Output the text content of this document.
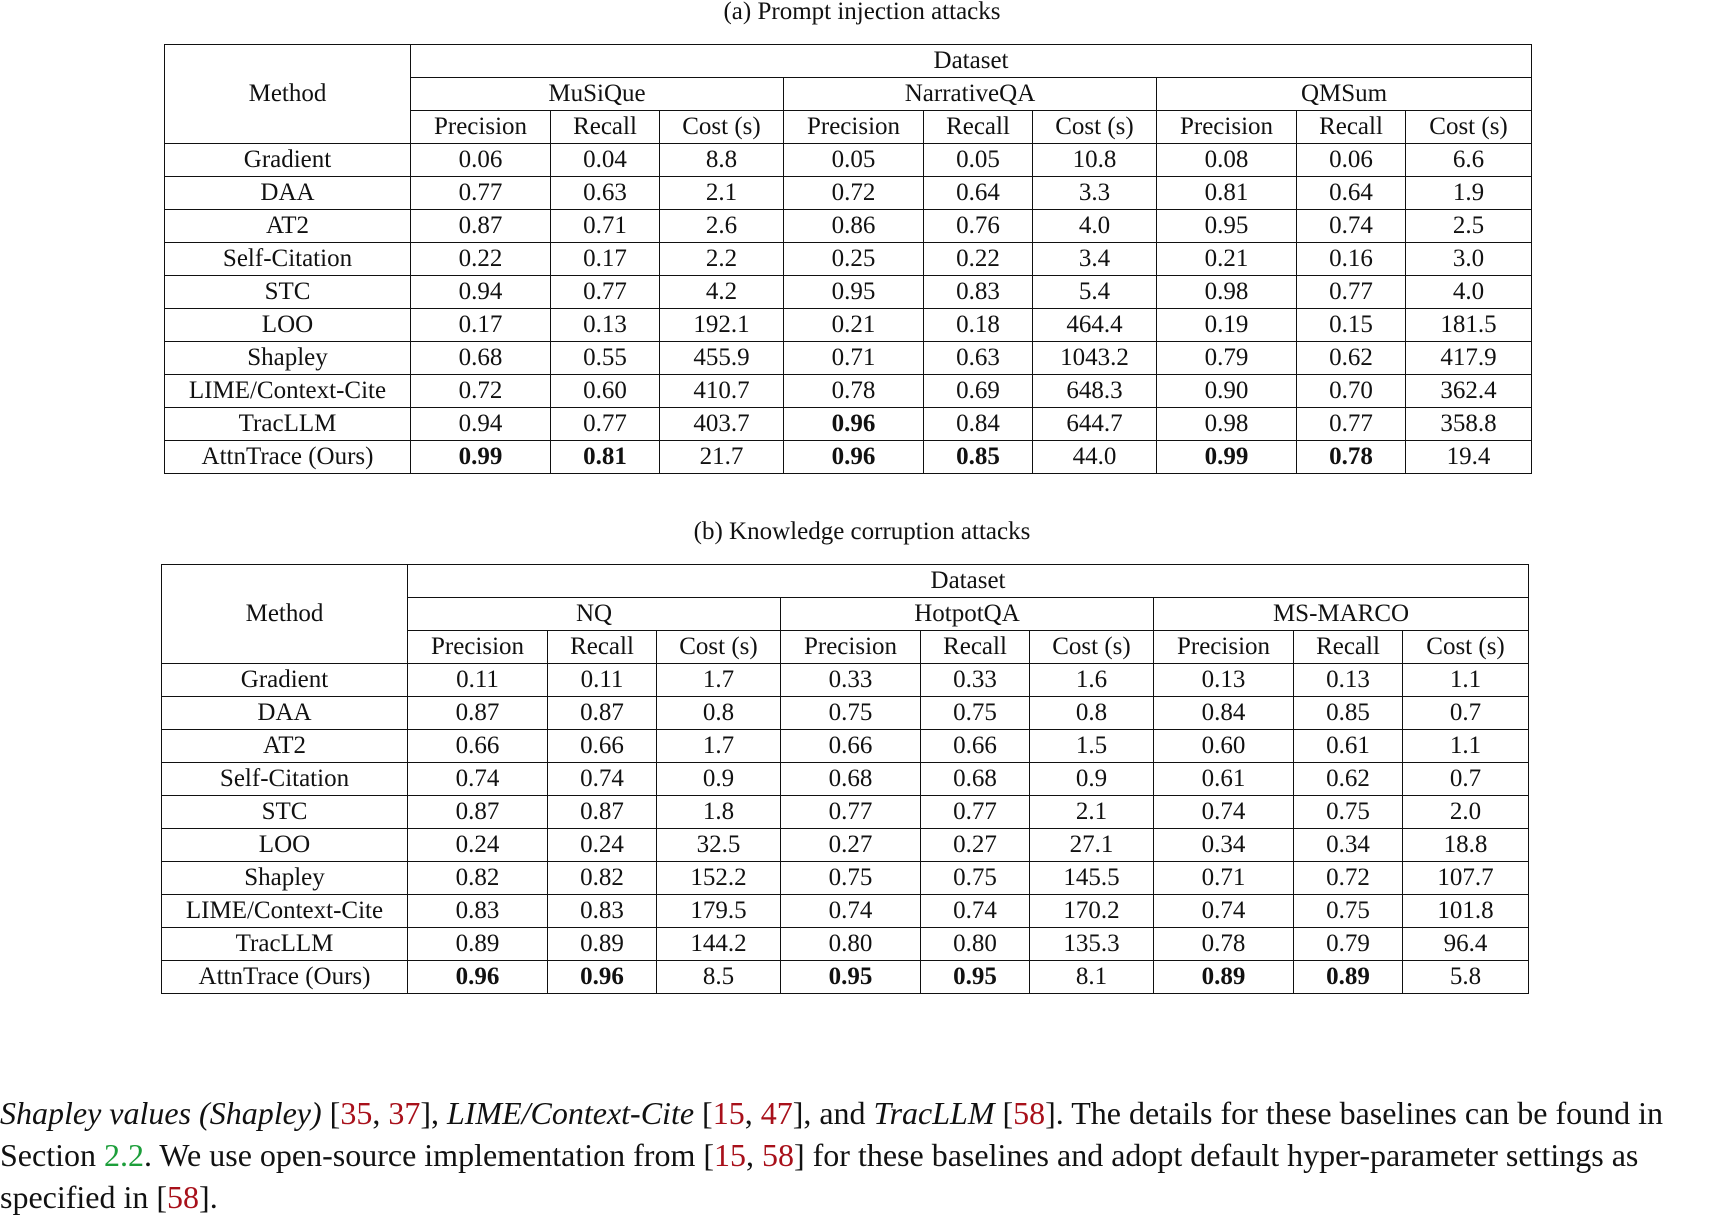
(a) Prompt injection attacks
Method	Dataset								
	MuSiQue			NarrativeQA			QMSum		
	Precision	Recall	Cost (s)	Precision	Recall	Cost (s)	Precision	Recall	Cost (s)
Gradient	0.06	0.04	8.8	0.05	0.05	10.8	0.08	0.06	6.6
DAA	0.77	0.63	2.1	0.72	0.64	3.3	0.81	0.64	1.9
AT2	0.87	0.71	2.6	0.86	0.76	4.0	0.95	0.74	2.5
Self-Citation	0.22	0.17	2.2	0.25	0.22	3.4	0.21	0.16	3.0
STC	0.94	0.77	4.2	0.95	0.83	5.4	0.98	0.77	4.0
LOO	0.17	0.13	192.1	0.21	0.18	464.4	0.19	0.15	181.5
Shapley	0.68	0.55	455.9	0.71	0.63	1043.2	0.79	0.62	417.9
LIME/Context-Cite	0.72	0.60	410.7	0.78	0.69	648.3	0.90	0.70	362.4
TracLLM	0.94	0.77	403.7	0.96	0.84	644.7	0.98	0.77	358.8
AttnTrace (Ours)	0.99	0.81	21.7	0.96	0.85	44.0	0.99	0.78	19.4
(b) Knowledge corruption attacks
Method	Dataset								
	NQ			HotpotQA			MS-MARCO		
	Precision	Recall	Cost (s)	Precision	Recall	Cost (s)	Precision	Recall	Cost (s)
Gradient	0.11	0.11	1.7	0.33	0.33	1.6	0.13	0.13	1.1
DAA	0.87	0.87	0.8	0.75	0.75	0.8	0.84	0.85	0.7
AT2	0.66	0.66	1.7	0.66	0.66	1.5	0.60	0.61	1.1
Self-Citation	0.74	0.74	0.9	0.68	0.68	0.9	0.61	0.62	0.7
STC	0.87	0.87	1.8	0.77	0.77	2.1	0.74	0.75	2.0
LOO	0.24	0.24	32.5	0.27	0.27	27.1	0.34	0.34	18.8
Shapley	0.82	0.82	152.2	0.75	0.75	145.5	0.71	0.72	107.7
LIME/Context-Cite	0.83	0.83	179.5	0.74	0.74	170.2	0.74	0.75	101.8
TracLLM	0.89	0.89	144.2	0.80	0.80	135.3	0.78	0.79	96.4
AttnTrace (Ours)	0.96	0.96	8.5	0.95	0.95	8.1	0.89	0.89	5.8

Shapley values (Shapley) [35, 37], LIME/Context-Cite [15, 47], and TracLLM [58]. The details for these baselines can be found in Section 2.2. We use open-source implementation from [15, 58] for these baselines and adopt default hyper-parameter settings as specified in [58].
